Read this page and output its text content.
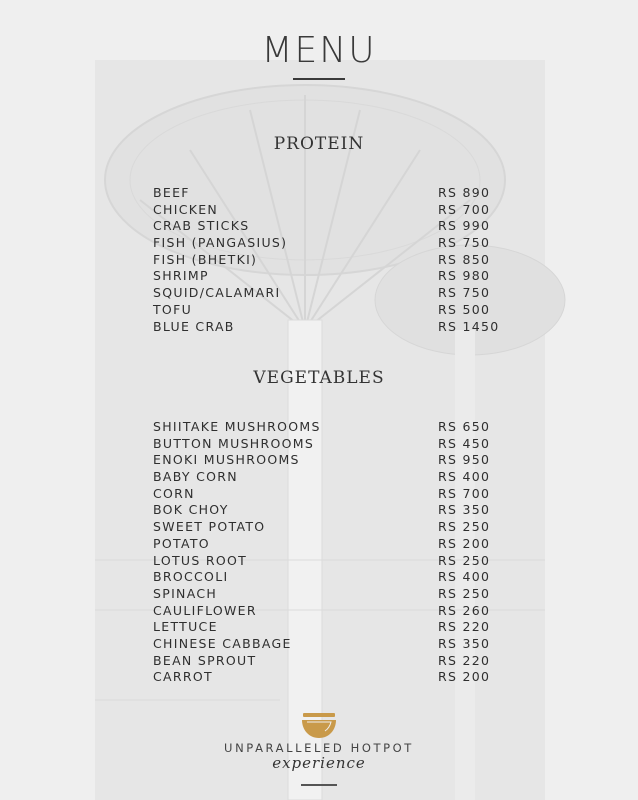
MENU
PROTEIN
BEEF	RS 890
CHICKEN	RS 700
CRAB STICKS	RS 990
FISH (PANGASIUS)	RS 750
FISH (BHETKI)	RS 850
SHRIMP	RS 980
SQUID/CALAMARI	RS 750
TOFU	RS 500
BLUE CRAB	RS 1450
VEGETABLES
SHIITAKE MUSHROOMS	RS 650
BUTTON MUSHROOMS	RS 450
ENOKI MUSHROOMS	RS 950
BABY CORN	RS 400
CORN	RS 700
BOK CHOY	RS 350
SWEET POTATO	RS 250
POTATO	RS 200
LOTUS ROOT	RS 250
BROCCOLI	RS 400
SPINACH	RS 250
CAULIFLOWER	RS 260
LETTUCE	RS 220
CHINESE CABBAGE	RS 350
BEAN SPROUT	RS 220
CARROT	RS 200
UNPARALLELED HOTPOT
experience
